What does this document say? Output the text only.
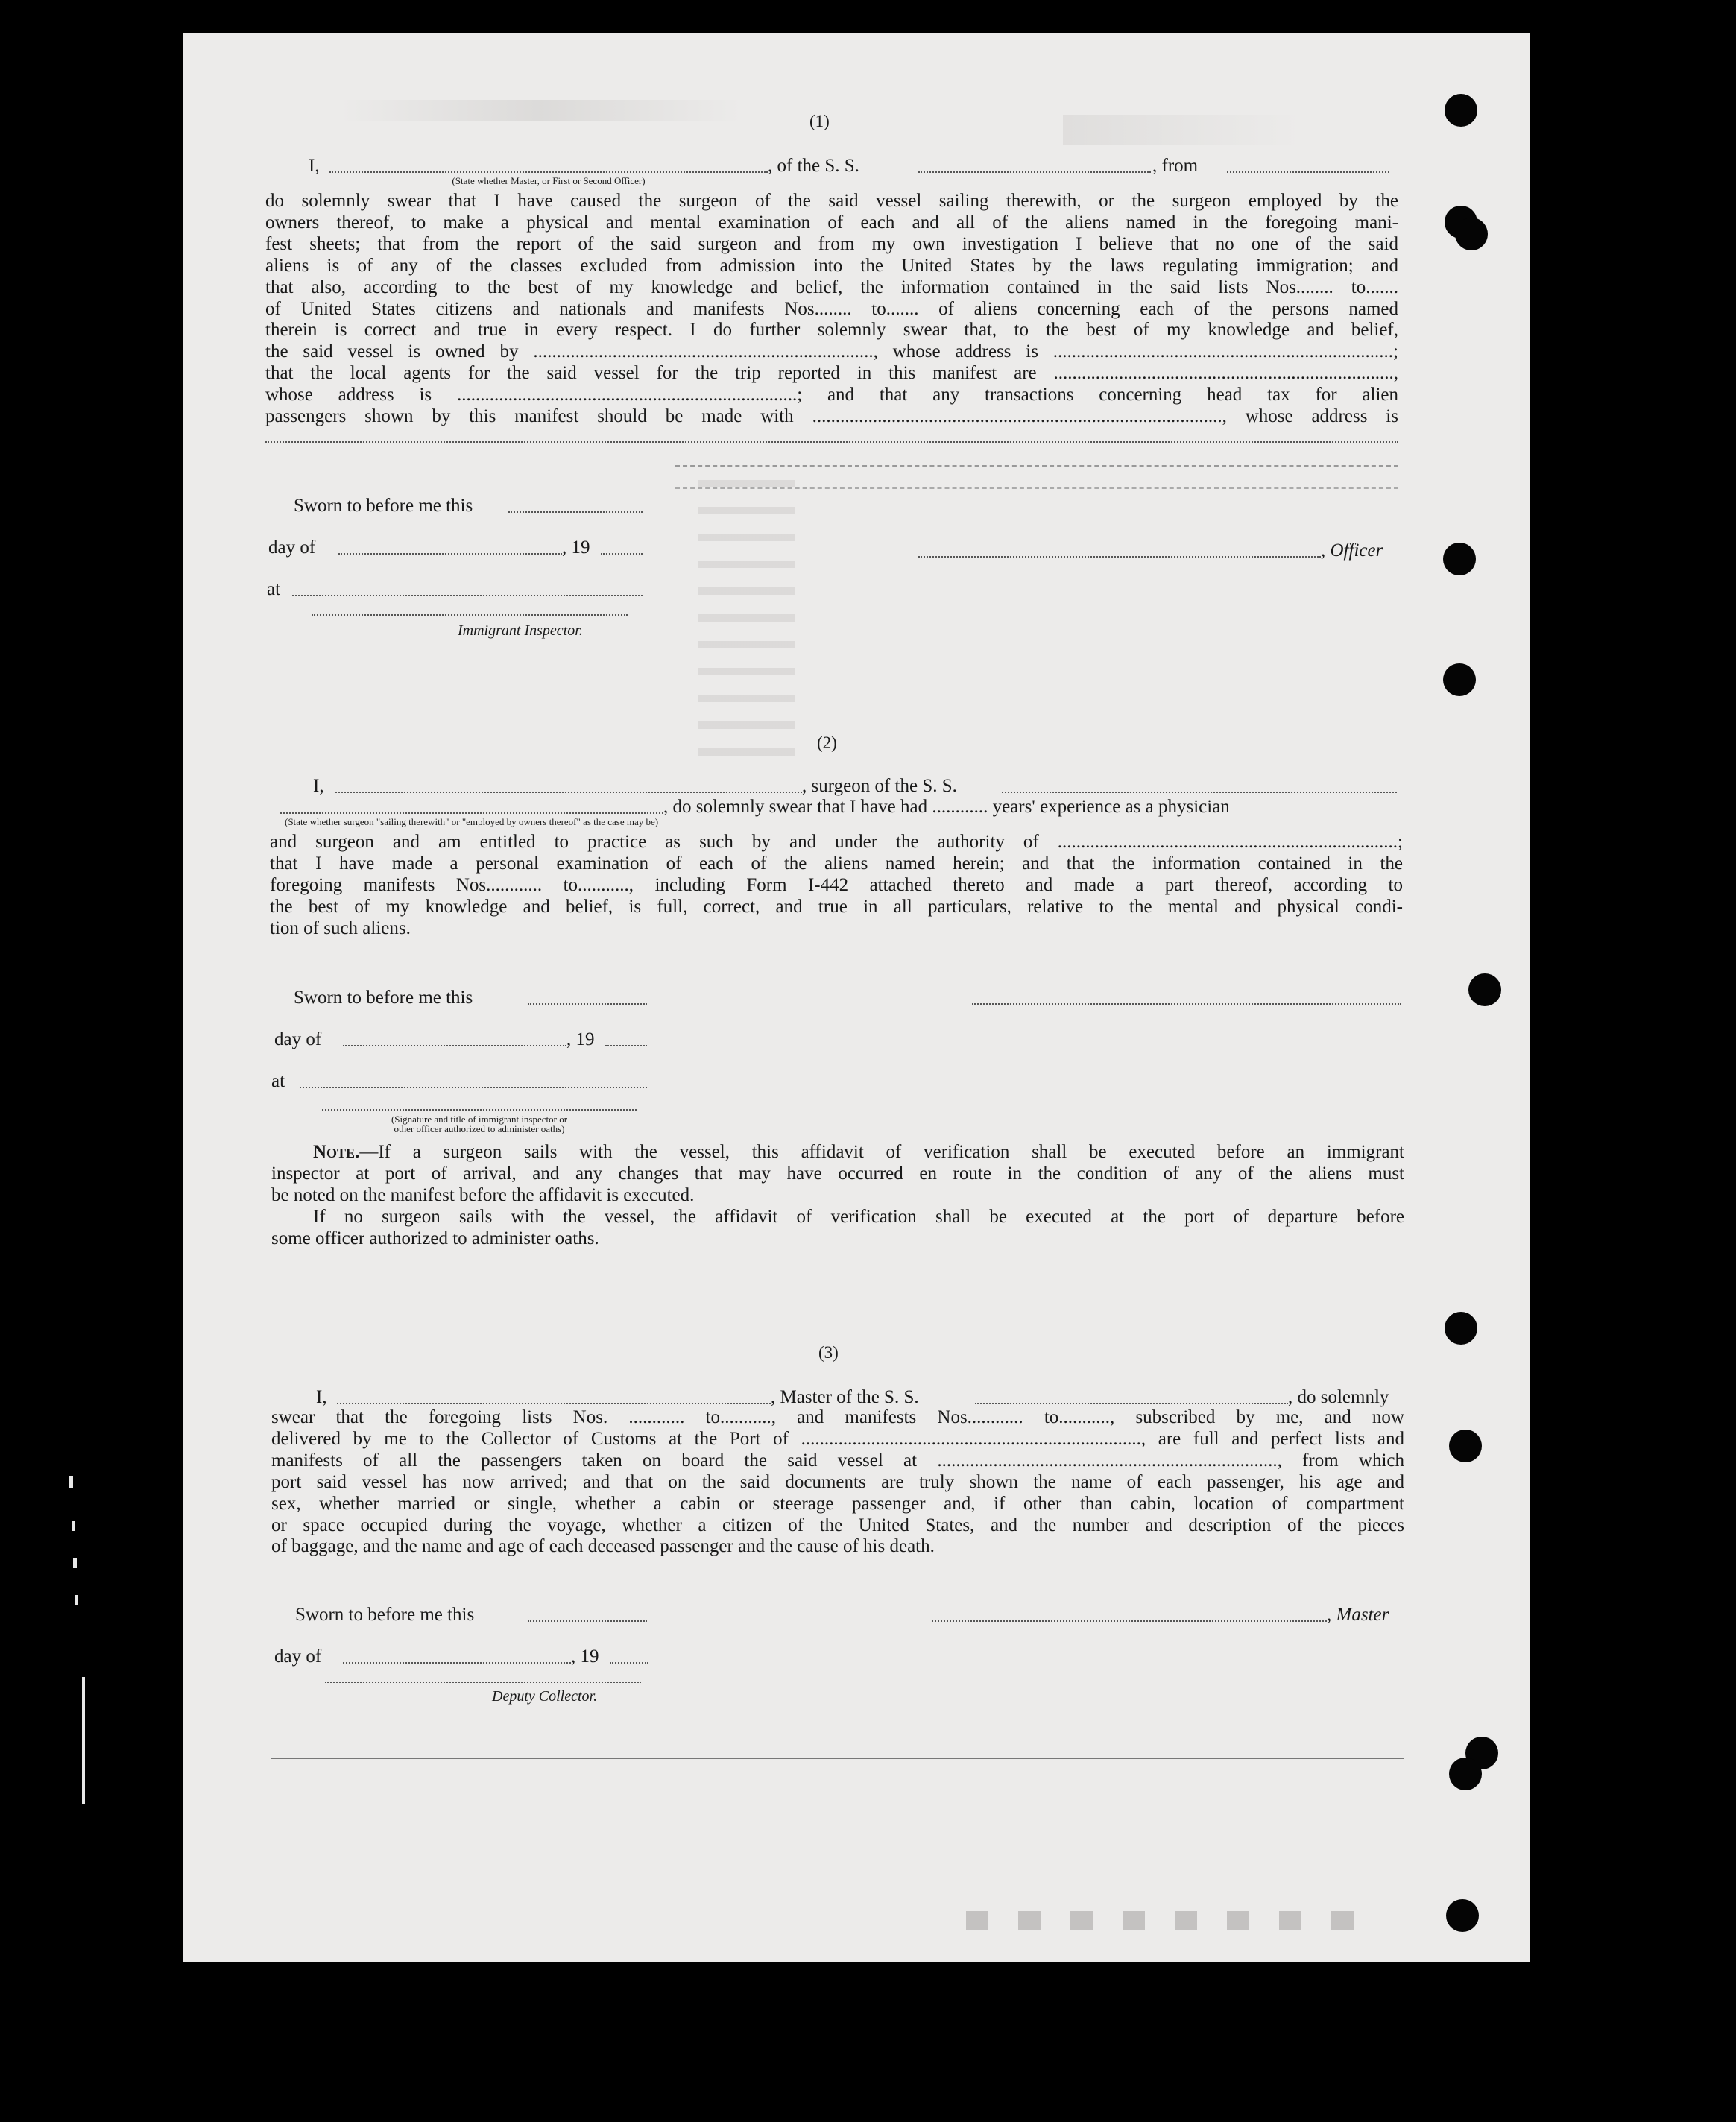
(1)
I,	, of the S. S.	, from
(State whether Master, or First or Second Officer)
do solemnly swear that I have caused the surgeon of the said vessel sailing therewith, or the surgeon employed by the
owners thereof, to make a physical and mental examination of each and all of the aliens named in the foregoing mani-
fest sheets; that from the report of the said surgeon and from my own investigation I believe that no one of the said
aliens is of any of the classes excluded from admission into the United States by the laws regulating immigration; and
that also, according to the best of my knowledge and belief, the information contained in the said lists Nos........ to.......
of United States citizens and nationals and manifests Nos........ to....... of aliens concerning each of the persons named
therein is correct and true in every respect. I do further solemnly swear that, to the best of my knowledge and belief,
the said vessel is owned by ........................................................................., whose address is .........................................................................;
that the local agents for the said vessel for the trip reported in this manifest are .........................................................................,
whose address is .........................................................................; and that any transactions concerning head tax for alien
passengers shown by this manifest should be made with ........................................................................................, whose address is
Sworn to before me this
day of	, 19
at
, Officer
Immigrant Inspector.
(2)
I,	, surgeon of the S. S.
, do solemnly swear that I have had ............ years' experience as a physician
(State whether surgeon "sailing therewith" or "employed by owners thereof" as the case may be)
and surgeon and am entitled to practice as such by and under the authority of .........................................................................;
that I have made a personal examination of each of the aliens named herein; and that the information contained in the
foregoing manifests Nos............ to..........., including Form I-442 attached thereto and made a part thereof, according to
the best of my knowledge and belief, is full, correct, and true in all particulars, relative to the mental and physical condi-
tion of such aliens.
Sworn to before me this
day of	, 19
at
(Signature and title of immigrant inspector or
other officer authorized to administer oaths)
Note.—If a surgeon sails with the vessel, this affidavit of verification shall be executed before an immigrant
inspector at port of arrival, and any changes that may have occurred en route in the condition of any of the aliens must
be noted on the manifest before the affidavit is executed.
If no surgeon sails with the vessel, the affidavit of verification shall be executed at the port of departure before
some officer authorized to administer oaths.
(3)
I,	, Master of the S. S.	, do solemnly
swear that the foregoing lists Nos. ............ to..........., and manifests Nos............ to..........., subscribed by me, and now
delivered by me to the Collector of Customs at the Port of ........................................................................., are full and perfect lists and
manifests of all the passengers taken on board the said vessel at ........................................................................., from which
port said vessel has now arrived; and that on the said documents are truly shown the name of each passenger, his age and
sex, whether married or single, whether a cabin or steerage passenger and, if other than cabin, location of compartment
or space occupied during the voyage, whether a citizen of the United States, and the number and description of the pieces
of baggage, and the name and age of each deceased passenger and the cause of his death.
Sworn to before me this	, Master
day of	, 19
Deputy Collector.
